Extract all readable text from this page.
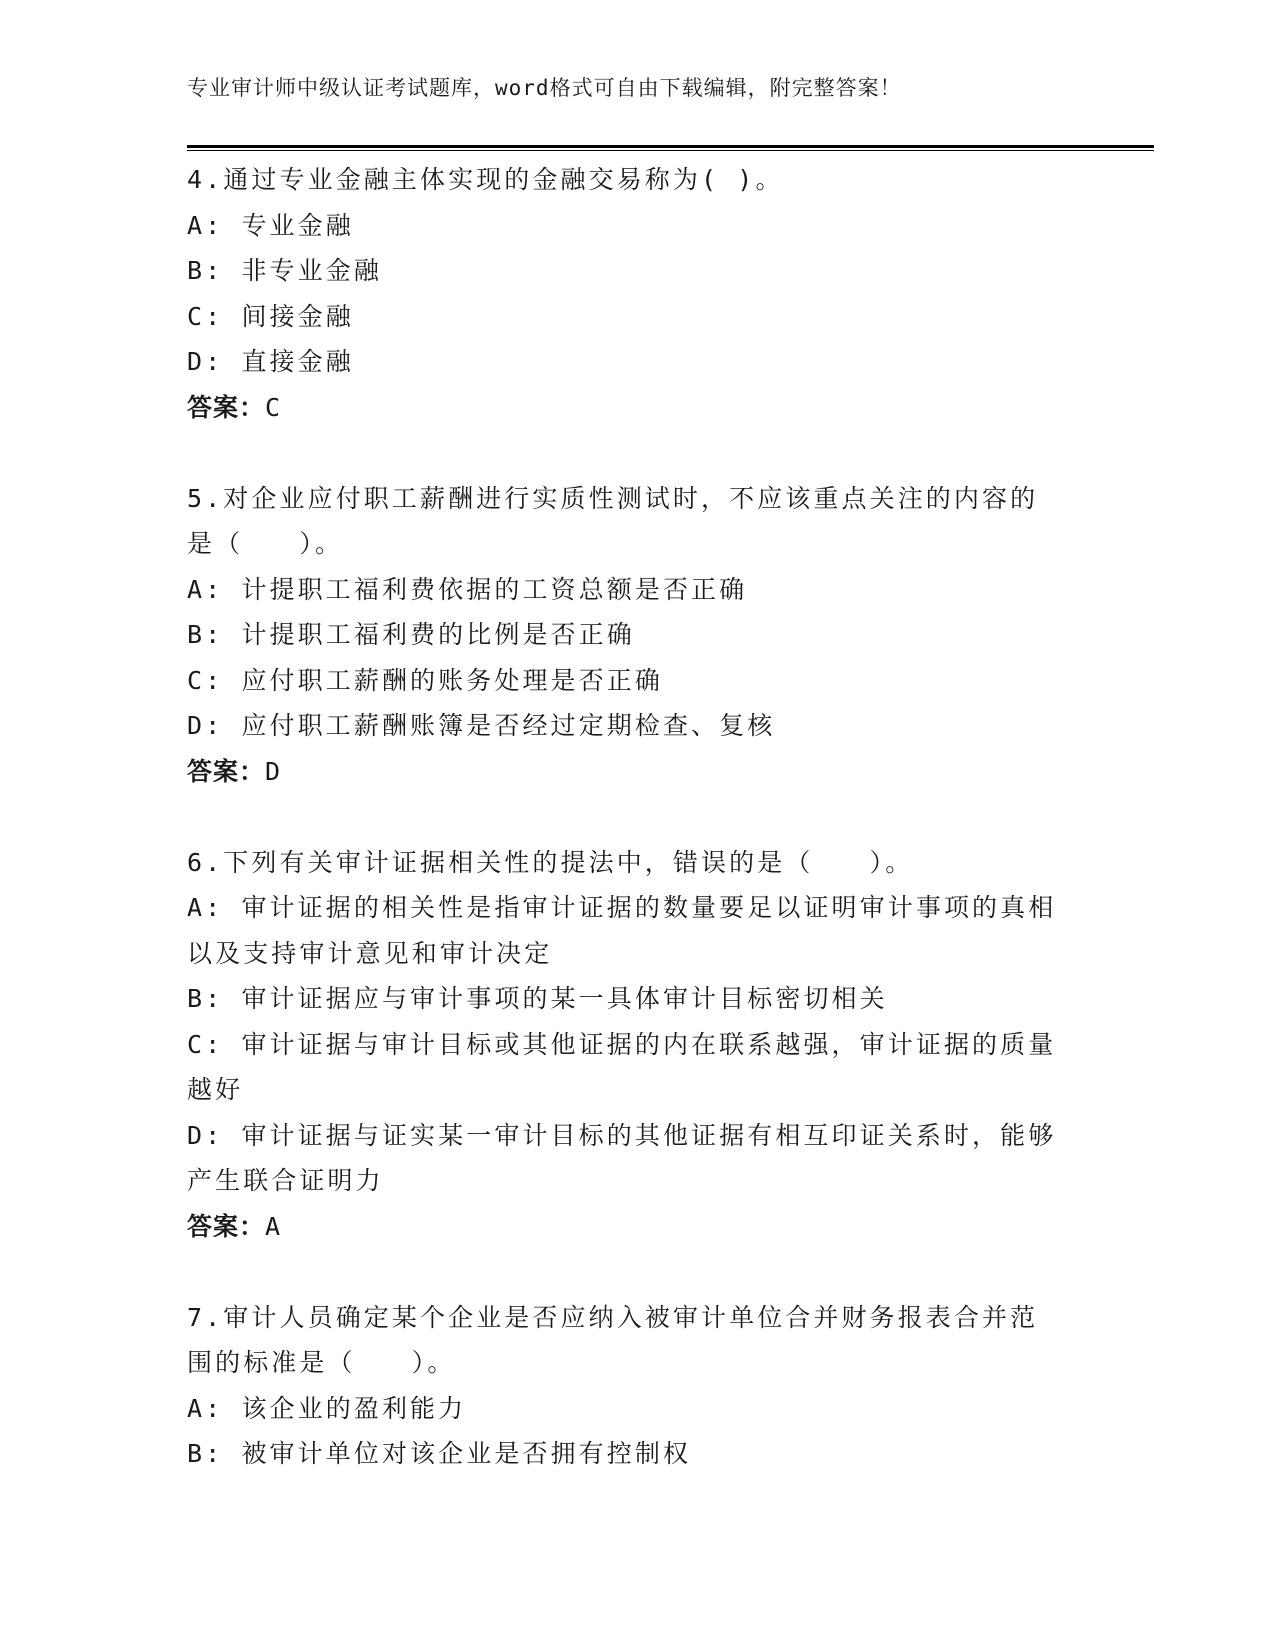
专业审计师中级认证考试题库，word格式可自由下载编辑，附完整答案！
4.通过专业金融主体实现的金融交易称为( )。
A: 专业金融
B: 非专业金融
C: 间接金融
D: 直接金融
答案：C
5.对企业应付职工薪酬进行实质性测试时，不应该重点关注的内容的
是（　　）。
A: 计提职工福利费依据的工资总额是否正确
B: 计提职工福利费的比例是否正确
C: 应付职工薪酬的账务处理是否正确
D: 应付职工薪酬账簿是否经过定期检查、复核
答案：D
6.下列有关审计证据相关性的提法中，错误的是（　　）。
A: 审计证据的相关性是指审计证据的数量要足以证明审计事项的真相
以及支持审计意见和审计决定
B: 审计证据应与审计事项的某一具体审计目标密切相关
C: 审计证据与审计目标或其他证据的内在联系越强，审计证据的质量
越好
D: 审计证据与证实某一审计目标的其他证据有相互印证关系时，能够
产生联合证明力
答案：A
7.审计人员确定某个企业是否应纳入被审计单位合并财务报表合并范
围的标准是（　　）。
A: 该企业的盈利能力
B: 被审计单位对该企业是否拥有控制权
